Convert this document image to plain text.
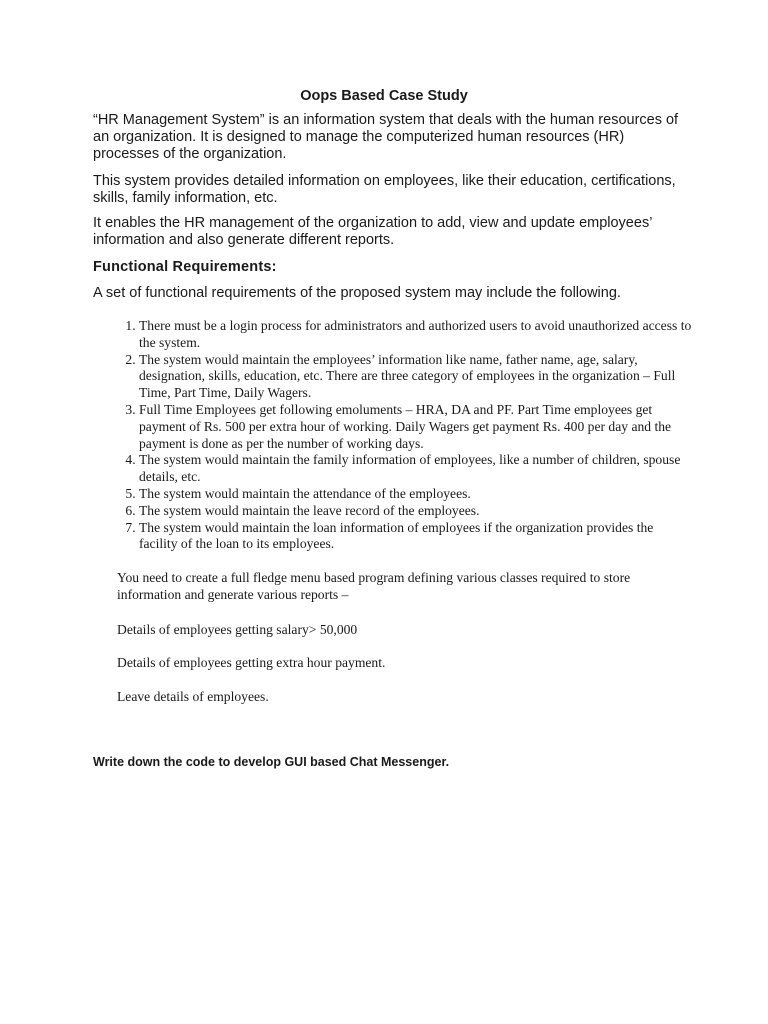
Oops Based Case Study

“HR Management System” is an information system that deals with the human resources of an organization. It is designed to manage the computerized human resources (HR) processes of the organization.

This system provides detailed information on employees, like their education, certifications, skills, family information, etc.

It enables the HR management of the organization to add, view and update employees’ information and also generate different reports.

Functional Requirements:

A set of functional requirements of the proposed system may include the following.

1. There must be a login process for administrators and authorized users to avoid unauthorized access to the system.
2. The system would maintain the employees’ information like name, father name, age, salary, designation, skills, education, etc. There are three category of employees in the organization – Full Time, Part Time, Daily Wagers.
3. Full Time Employees get following emoluments – HRA, DA and PF. Part Time employees get payment of Rs. 500 per extra hour of working. Daily Wagers get payment Rs. 400 per day and the payment is done as per the number of working days.
4. The system would maintain the family information of employees, like a number of children, spouse details, etc.
5. The system would maintain the attendance of the employees.
6. The system would maintain the leave record of the employees.
7. The system would maintain the loan information of employees if the organization provides the facility of the loan to its employees.

You need to create a full fledge menu based program defining various classes required to store information and generate various reports –

Details of employees getting salary> 50,000

Details of employees getting extra hour payment.

Leave details of employees.

Write down the code to develop GUI based Chat Messenger.
